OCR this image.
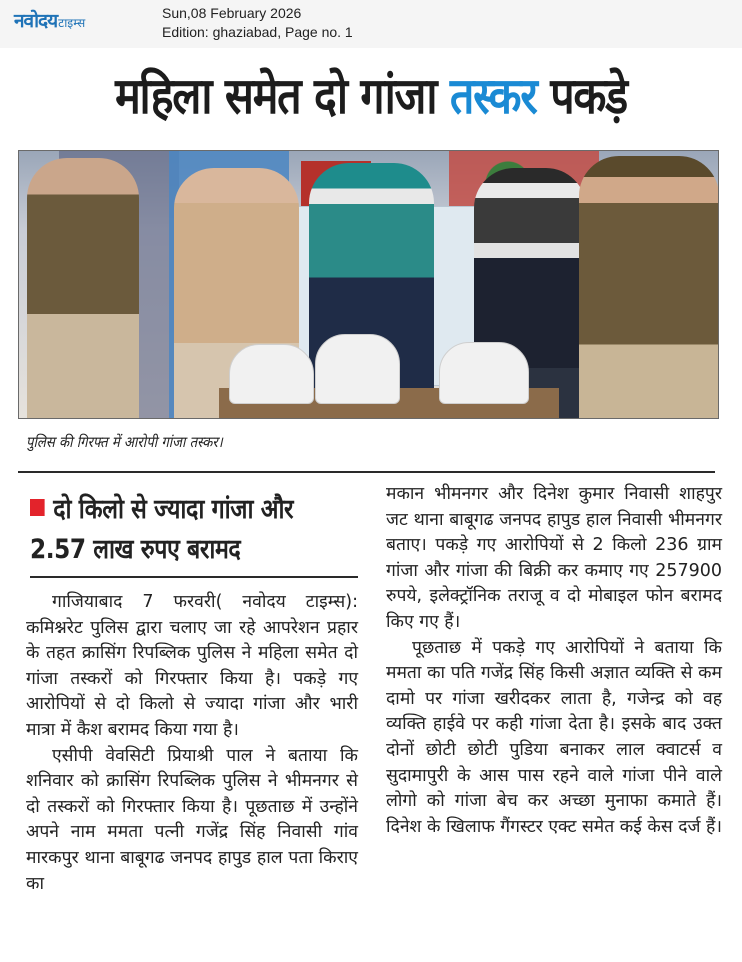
नवोदय टाइम्स
Sun,08 February 2026
Edition: ghaziabad, Page no. 1
महिला समेत दो गांजा तस्कर पकड़े
पुलिस की गिरफ्त में आरोपी गांजा तस्कर।
दो किलो से ज्यादा गांजा और
2.57 लाख रुपए बरामद

गाजियाबाद 7 फरवरी( नवोदय टाइम्स): कमिश्नरेट पुलिस द्वारा चलाए जा रहे आपरेशन प्रहार के तहत क्रासिंग रिपब्लिक पुलिस ने महिला समेत दो गांजा तस्करों को गिरफ्तार किया है। पकड़े गए आरोपियों से दो किलो से ज्यादा गांजा और भारी मात्रा में कैश बरामद किया गया है।

एसीपी वेवसिटी प्रियाश्री पाल ने बताया कि शनिवार को क्रासिंग रिपब्लिक पुलिस ने भीमनगर से दो तस्करों को गिरफ्तार किया है। पूछताछ में उन्होंने अपने नाम ममता पत्नी गजेंद्र सिंह निवासी गांव मारकपुर थाना बाबूगढ जनपद हापुड हाल पता किराए का

मकान भीमनगर और दिनेश कुमार निवासी शाहपुर जट थाना बाबूगढ जनपद हापुड हाल निवासी भीमनगर बताए। पकड़े गए आरोपियों से 2 किलो 236 ग्राम गांजा और गांजा की बिक्री कर कमाए गए 257900 रुपये, इलेक्ट्रॉनिक तराजू व दो मोबाइल फोन बरामद किए गए हैं।

पूछताछ में पकड़े गए आरोपियों ने बताया कि ममता का पति गजेंद्र सिंह किसी अज्ञात व्यक्ति से कम दामो पर गांजा खरीदकर लाता है, गजेन्द्र को वह व्यक्ति हाईवे पर कही गांजा देता है। इसके बाद उक्त दोनों छोटी छोटी पुडिया बनाकर लाल क्वाटर्स व सुदामापुरी के आस पास रहने वाले गांजा पीने वाले लोगो को गांजा बेच कर अच्छा मुनाफा कमाते हैं। दिनेश के खिलाफ गैंगस्टर एक्ट समेत कई केस दर्ज हैं।
